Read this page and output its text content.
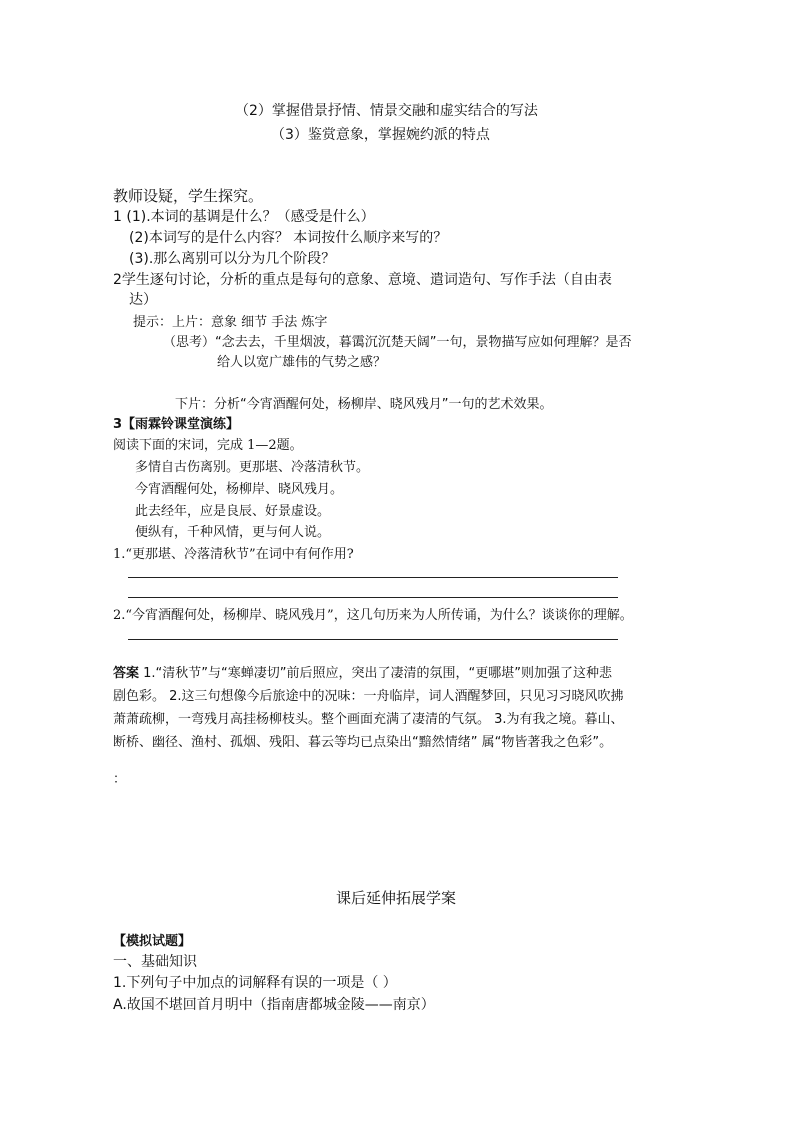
（2）掌握借景抒情、情景交融和虚实结合的写法
（3）鉴赏意象，掌握婉约派的特点
教师设疑，学生探究。
1 (1).本词的基调是什么？（感受是什么）
(2)本词写的是什么内容？ 本词按什么顺序来写的？
(3).那么离别可以分为几个阶段？
2学生逐句讨论，分析的重点是每句的意象、意境、遣词造句、写作手法（自由表
达）
提示：上片：意象 细节 手法 炼字
（思考）“念去去，千里烟波，暮霭沉沉楚天阔”一句，景物描写应如何理解？是否
给人以宽广雄伟的气势之感？
下片：分析“今宵酒醒何处，杨柳岸、晓风残月”一句的艺术效果。
3【雨霖铃课堂演练】
阅读下面的宋词，完成 1—2题。
多情自古伤离别。更那堪、冷落清秋节。
今宵酒醒何处，杨柳岸、晓风残月。
此去经年，应是良辰、好景虚设。
便纵有，千种风情，更与何人说。
1.“更那堪、冷落清秋节”在词中有何作用?
2.“今宵酒醒何处，杨柳岸、晓风残月”，这几句历来为人所传诵，为什么？谈谈你的理解。
答案 1.“清秋节”与“寒蝉凄切”前后照应，突出了凄清的氛围，“更哪堪”则加强了这种悲
剧色彩。 2.这三句想像今后旅途中的况味：一舟临岸，词人酒醒梦回，只见习习晓风吹拂
萧萧疏柳，一弯残月高挂杨柳枝头。整个画面充满了凄清的气氛。 3.为有我之境。暮山、
断桥、幽径、渔村、孤烟、残阳、暮云等均已点染出“黯然情绪” 属“物皆著我之色彩”。
：
课后延伸拓展学案
【模拟试题】
一、基础知识
1.下列句子中加点的词解释有误的一项是（ ）
A.故国不堪回首月明中（指南唐都城金陵——南京）
